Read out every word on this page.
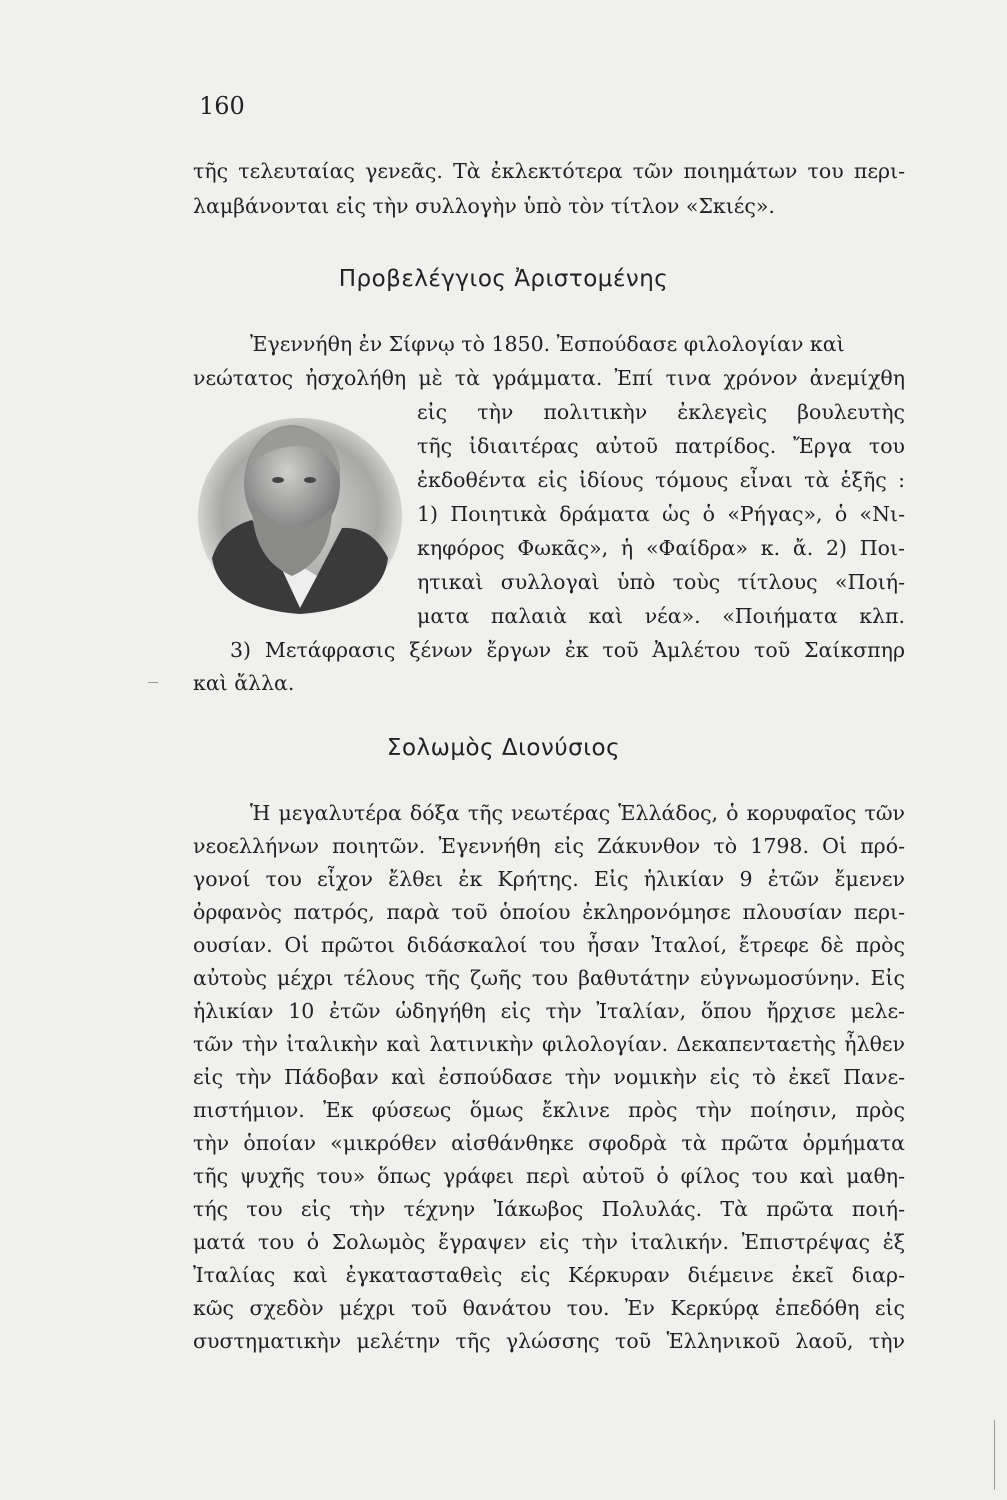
160
τῆς τελευταίας γενεᾶς. Τὰ ἐκλεκτότερα τῶν ποιημάτων του περι-
λαμβάνονται εἰς τὴν συλλογὴν ὑπὸ τὸν τίτλον «Σκιές».
Προβελέγγιος Ἀριστομένης
Ἐγεννήθη ἐν Σίφνῳ τὸ 1850. Ἐσπούδασε φιλολογίαν καὶ
νεώτατος ἠσχολήθη μὲ τὰ γράμματα. Ἐπί τινα χρόνον ἀνεμίχθη
εἰς τὴν πολιτικὴν ἐκλεγεὶς βουλευτὴς
τῆς ἰδιαιτέρας αὐτοῦ πατρίδος. Ἔργα του
ἐκδοθέντα εἰς ἰδίους τόμους εἶναι τὰ ἑξῆς :
1) Ποιητικὰ δράματα ὡς ὁ «Ρήγας», ὁ «Νι-
κηφόρος Φωκᾶς», ἡ «Φαίδρα» κ. ἄ. 2) Ποι-
ητικαὶ συλλογαὶ ὑπὸ τοὺς τίτλους «Ποιή-
ματα παλαιὰ καὶ νέα». «Ποιήματα κλπ.
3) Μετάφρασις ξένων ἔργων ἐκ τοῦ Ἀμλέτου τοῦ Σαίκσπηρ
καὶ ἄλλα.
Σολωμὸς Διονύσιος
Ἡ μεγαλυτέρα δόξα τῆς νεωτέρας Ἑλλάδος, ὁ κορυφαῖος τῶν
νεοελλήνων ποιητῶν. Ἐγεννήθη εἰς Ζάκυνθον τὸ 1798. Οἱ πρό-
γονοί του εἶχον ἔλθει ἐκ Κρήτης. Εἰς ἡλικίαν 9 ἐτῶν ἔμενεν
ὀρφανὸς πατρός, παρὰ τοῦ ὁποίου ἐκληρονόμησε πλουσίαν περι-
ουσίαν. Οἱ πρῶτοι διδάσκαλοί του ἦσαν Ἰταλοί, ἔτρεφε δὲ πρὸς
αὐτοὺς μέχρι τέλους τῆς ζωῆς του βαθυτάτην εὐγνωμοσύνην. Εἰς
ἡλικίαν 10 ἐτῶν ὡδηγήθη εἰς τὴν Ἰταλίαν, ὅπου ἤρχισε μελε-
τῶν τὴν ἰταλικὴν καὶ λατινικὴν φιλολογίαν. Δεκαπενταετὴς ἦλθεν
εἰς τὴν Πάδοβαν καὶ ἐσπούδασε τὴν νομικὴν εἰς τὸ ἐκεῖ Πανε-
πιστήμιον. Ἐκ φύσεως ὅμως ἔκλινε πρὸς τὴν ποίησιν, πρὸς
τὴν ὁποίαν «μικρόθεν αἰσθάνθηκε σφοδρὰ τὰ πρῶτα ὁρμήματα
τῆς ψυχῆς του» ὅπως γράφει περὶ αὐτοῦ ὁ φίλος του καὶ μαθη-
τής του εἰς τὴν τέχνην Ἰάκωβος Πολυλάς. Τὰ πρῶτα ποιή-
ματά του ὁ Σολωμὸς ἔγραψεν εἰς τὴν ἰταλικήν. Ἐπιστρέψας ἐξ
Ἰταλίας καὶ ἐγκατασταθεὶς εἰς Κέρκυραν διέμεινε ἐκεῖ διαρ-
κῶς σχεδὸν μέχρι τοῦ θανάτου του. Ἐν Κερκύρᾳ ἐπεδόθη εἰς
συστηματικὴν μελέτην τῆς γλώσσης τοῦ Ἑλληνικοῦ λαοῦ, τὴν
